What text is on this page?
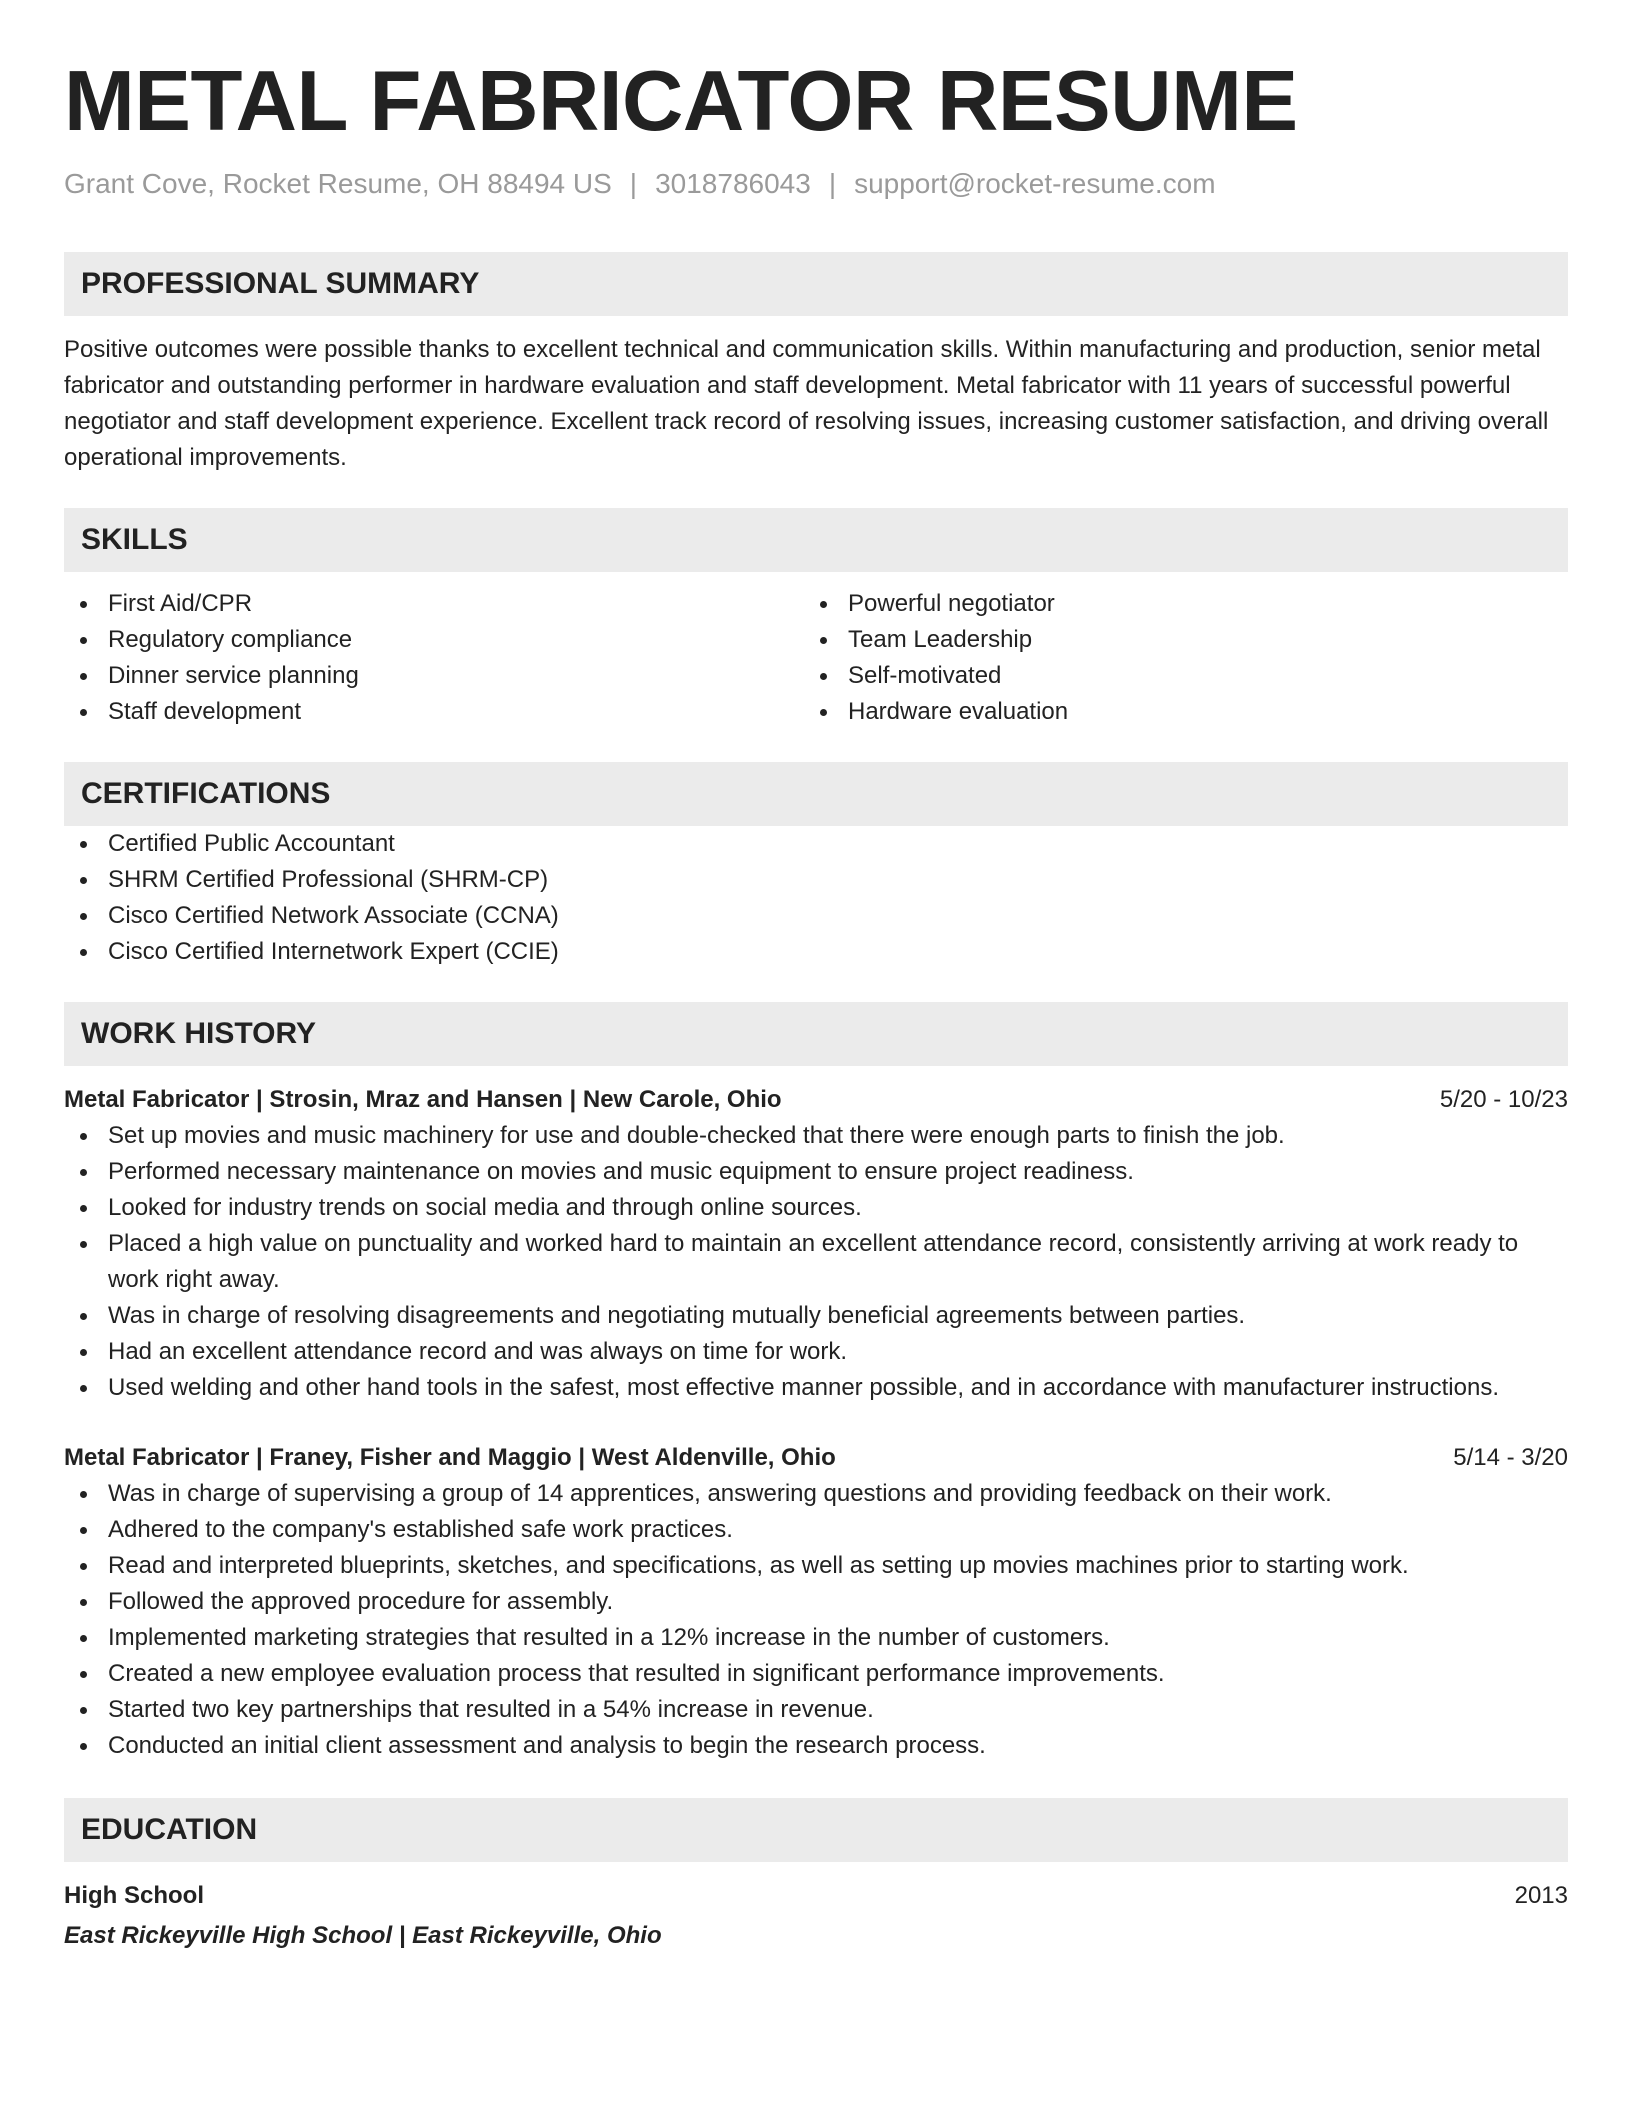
METAL FABRICATOR RESUME
Grant Cove, Rocket Resume, OH 88494 US | 3018786043 | support@rocket-resume.com
PROFESSIONAL SUMMARY

Positive outcomes were possible thanks to excellent technical and communication skills. Within manufacturing and production, senior metal fabricator and outstanding performer in hardware evaluation and staff development. Metal fabricator with 11 years of successful powerful negotiator and staff development experience. Excellent track record of resolving issues, increasing customer satisfaction, and driving overall operational improvements.

SKILLS
First Aid/CPR
Regulatory compliance
Dinner service planning
Staff development
Powerful negotiator
Team Leadership
Self-motivated
Hardware evaluation
CERTIFICATIONS
Certified Public Accountant
SHRM Certified Professional (SHRM-CP)
Cisco Certified Network Associate (CCNA)
Cisco Certified Internetwork Expert (CCIE)
WORK HISTORY
Metal Fabricator | Strosin, Mraz and Hansen | New Carole, Ohio	5/20 - 10/23
Set up movies and music machinery for use and double-checked that there were enough parts to finish the job.
Performed necessary maintenance on movies and music equipment to ensure project readiness.
Looked for industry trends on social media and through online sources.
Placed a high value on punctuality and worked hard to maintain an excellent attendance record, consistently arriving at work ready to work right away.
Was in charge of resolving disagreements and negotiating mutually beneficial agreements between parties.
Had an excellent attendance record and was always on time for work.
Used welding and other hand tools in the safest, most effective manner possible, and in accordance with manufacturer instructions.
Metal Fabricator | Franey, Fisher and Maggio | West Aldenville, Ohio	5/14 - 3/20
Was in charge of supervising a group of 14 apprentices, answering questions and providing feedback on their work.
Adhered to the company's established safe work practices.
Read and interpreted blueprints, sketches, and specifications, as well as setting up movies machines prior to starting work.
Followed the approved procedure for assembly.
Implemented marketing strategies that resulted in a 12% increase in the number of customers.
Created a new employee evaluation process that resulted in significant performance improvements.
Started two key partnerships that resulted in a 54% increase in revenue.
Conducted an initial client assessment and analysis to begin the research process.
EDUCATION
High School	2013
East Rickeyville High School | East Rickeyville, Ohio
